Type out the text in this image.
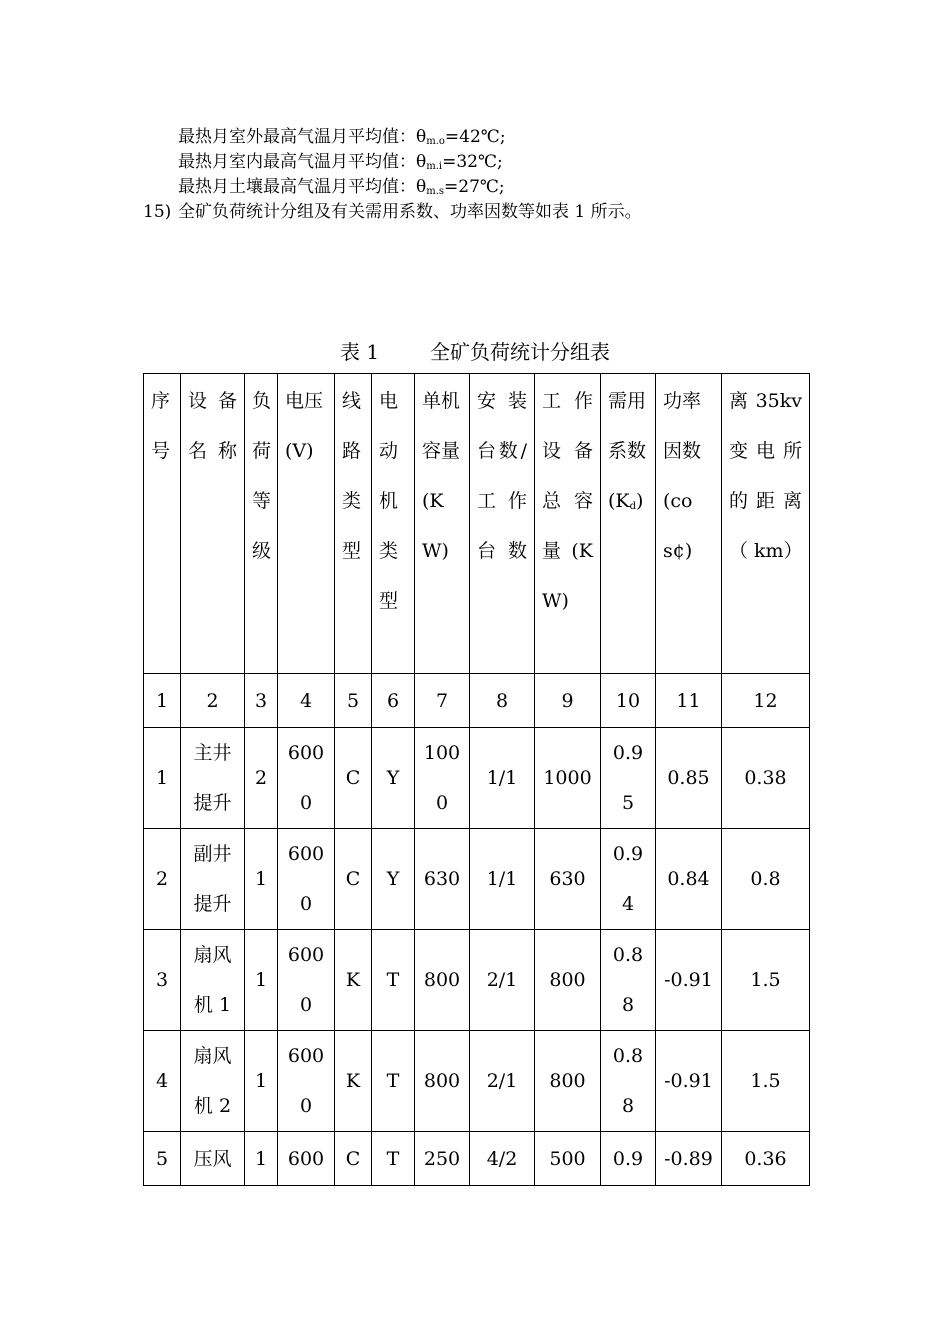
最热月室外最高气温月平均值：$\theta_{m.o}=42℃$;
最热月室内最高气温月平均值：$\theta_{m.i}=32℃$;
最热月土壤最高气温月平均值：$\theta_{m.s}=27℃$;
15) 全矿负荷统计分组及有关需用系数、功率因数等如表 1 所示。
表 1        全矿负荷统计分组表
序号	设备名称	负荷等级	电压(V)	线路类型	电动机类型	单机容量(KW)	安装台数/工作台数	工作设备总容量(KW)	需用系数$(K_d)$	功率因数(cos¢)	离35kv变电所的距离（ km）
1	2	3	4	5	6	7	8	9	10	11	12
1	主井提升	2	6000	C	Y	1000	1/1	1000	0.95	0.85	0.38
2	副井提升	1	6000	C	Y	630	1/1	630	0.94	0.84	0.8
3	扇风机 1	1	6000	K	T	800	2/1	800	0.88	-0.91	1.5
4	扇风机 2	1	6000	K	T	800	2/1	800	0.88	-0.91	1.5
5	压风	1	600	C	T	250	4/2	500	0.9	-0.89	0.36
